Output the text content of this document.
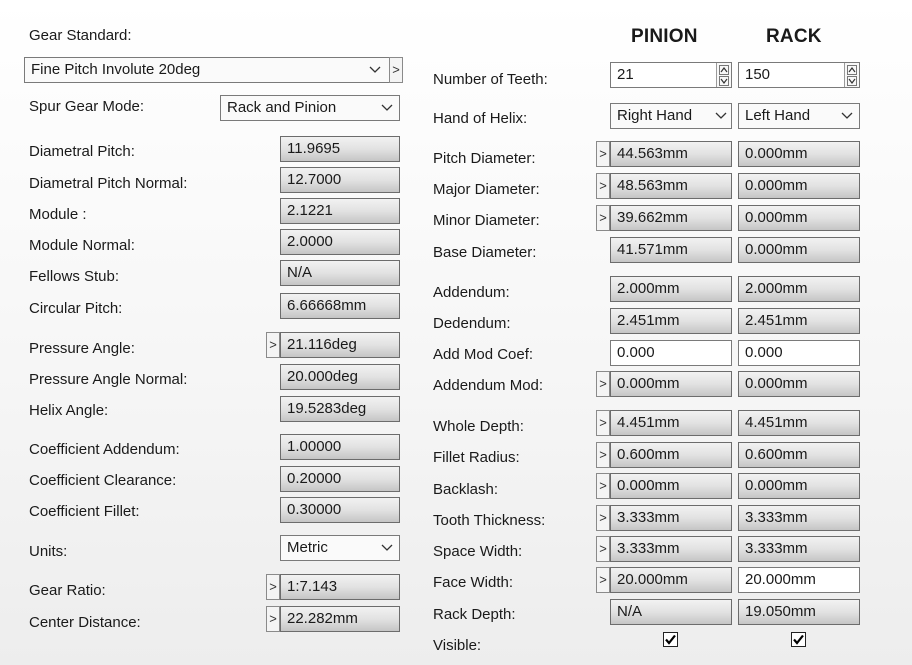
Gear Standard:
Fine Pitch Involute 20deg	>
Spur Gear Mode:	Rack and Pinion
Diametral Pitch:	11.9695
Diametral Pitch Normal:	12.7000
Module :	2.1221
Module Normal:	2.0000
Fellows Stub:	N/A
Circular Pitch:	6.66668mm
Pressure Angle:	> 21.116deg
Pressure Angle Normal:	20.000deg
Helix Angle:	19.5283deg
Coefficient Addendum:	1.00000
Coefficient Clearance:	0.20000
Coefficient Fillet:	0.30000
Units:	Metric
Gear Ratio:	> 1:7.143
Center Distance:	> 22.282mm
PINION	RACK
Number of Teeth:	21	150
Hand of Helix:	Right Hand	Left Hand
Pitch Diameter:	> 44.563mm	0.000mm
Major Diameter:	> 48.563mm	0.000mm
Minor Diameter:	> 39.662mm	0.000mm
Base Diameter:	41.571mm	0.000mm
Addendum:	2.000mm	2.000mm
Dedendum:	2.451mm	2.451mm
Add Mod Coef:	0.000	0.000
Addendum Mod:	> 0.000mm	0.000mm
Whole Depth:	> 4.451mm	4.451mm
Fillet Radius:	> 0.600mm	0.600mm
Backlash:	> 0.000mm	0.000mm
Tooth Thickness:	> 3.333mm	3.333mm
Space Width:	> 3.333mm	3.333mm
Face Width:	> 20.000mm	20.000mm
Rack Depth:	N/A	19.050mm
Visible:
